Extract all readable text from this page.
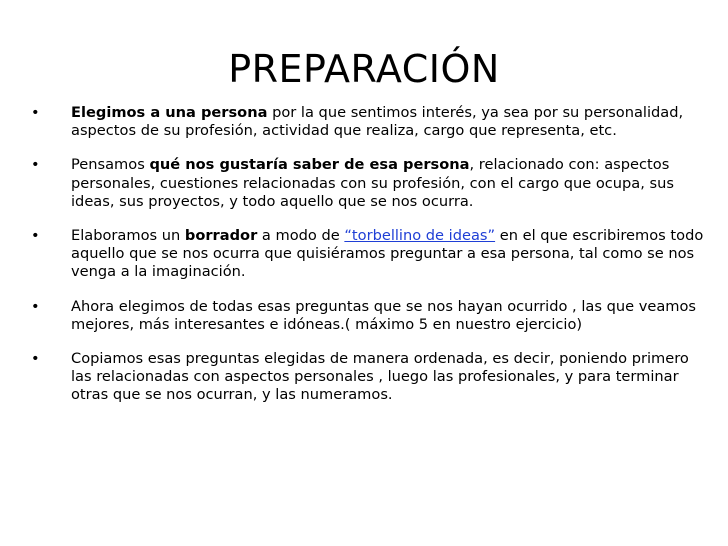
PREPARACIÓN
• Elegimos a una persona por la que sentimos interés, ya sea por su personalidad, aspectos de su profesión, actividad que realiza, cargo que representa, etc.
• Pensamos qué nos gustaría saber de esa persona, relacionado con: aspectos personales, cuestiones relacionadas con su profesión, con el cargo que ocupa, sus ideas, sus proyectos, y todo aquello que se nos ocurra.
• Elaboramos un borrador a modo de “torbellino de ideas” en el que escribiremos todo aquello que se nos ocurra que quisiéramos preguntar a esa persona, tal como se nos venga a la imaginación.
• Ahora elegimos de todas esas preguntas que se nos hayan ocurrido , las que veamos mejores, más interesantes e idóneas.( máximo 5 en nuestro ejercicio)
• Copiamos esas preguntas elegidas de manera ordenada, es decir, poniendo primero las relacionadas con aspectos personales , luego las profesionales, y para terminar otras que se nos ocurran, y las numeramos.
